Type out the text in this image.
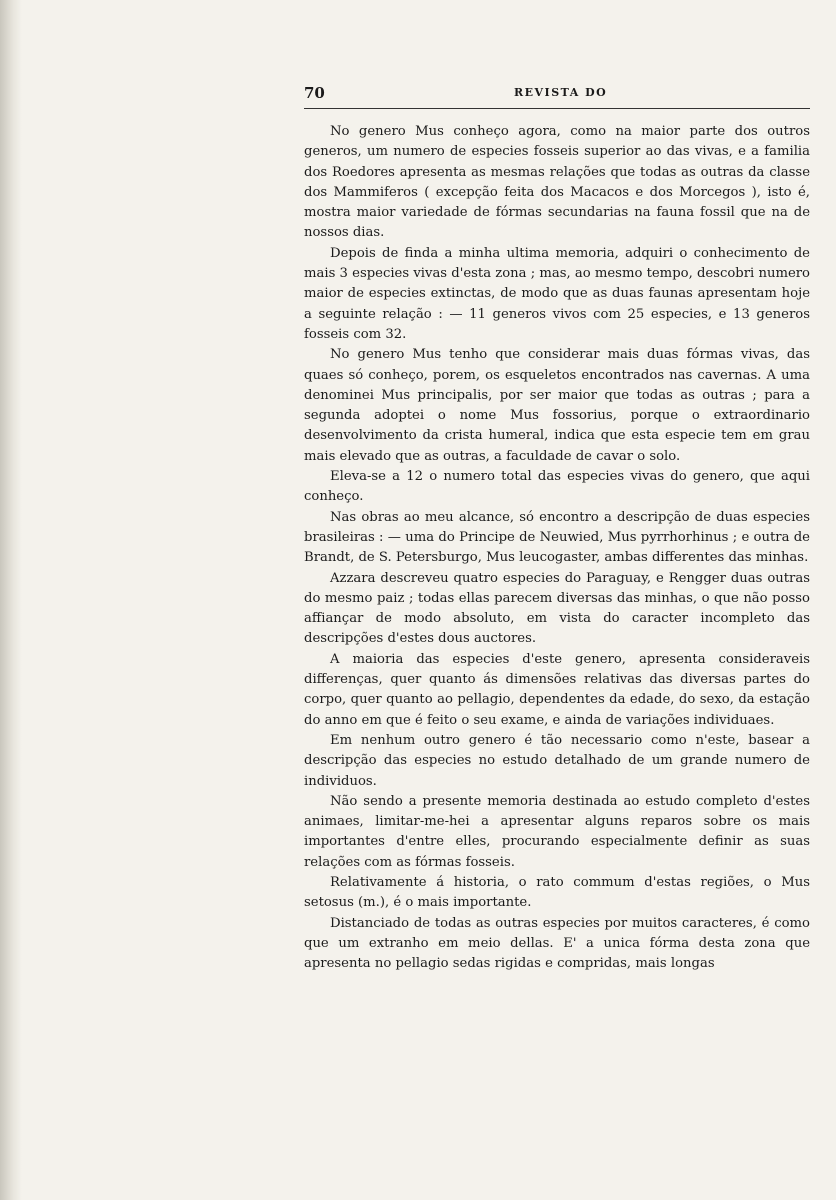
70	REVISTA DO

No genero Mus conheço agora, como na maior parte dos outros generos, um numero de especies fosseis superior ao das vivas, e a familia dos Roedores apresenta as mesmas relações que todas as outras da classe dos Mammiferos ( excepção feita dos Macacos e dos Morcegos ), isto é, mostra maior variedade de fórmas secundarias na fauna fossil que na de nossos dias.

Depois de finda a minha ultima memoria, adquiri o conhecimento de mais 3 especies vivas d'esta zona ; mas, ao mesmo tempo, descobri numero maior de especies extinctas, de modo que as duas faunas apresentam hoje a seguinte relação : — 11 generos vivos com 25 especies, e 13 generos fosseis com 32.

No genero Mus tenho que considerar mais duas fórmas vivas, das quaes só conheço, porem, os esqueletos encontrados nas cavernas. A uma denominei Mus principalis, por ser maior que todas as outras ; para a segunda adoptei o nome Mus fossorius, porque o extraordinario desenvolvimento da crista humeral, indica que esta especie tem em grau mais elevado que as outras, a faculdade de cavar o solo.

Eleva-se a 12 o numero total das especies vivas do genero, que aqui conheço.

Nas obras ao meu alcance, só encontro a descripção de duas especies brasileiras : — uma do Principe de Neuwied, Mus pyrrhorhinus ; e outra de Brandt, de S. Petersburgo, Mus leucogaster, ambas differentes das minhas.

Azzara descreveu quatro especies do Paraguay, e Rengger duas outras do mesmo paiz ; todas ellas parecem diversas das minhas, o que não posso affiançar de modo absoluto, em vista do caracter incompleto das descripções d'estes dous auctores.

A maioria das especies d'este genero, apresenta consideraveis differenças, quer quanto ás dimensões relativas das diversas partes do corpo, quer quanto ao pellagio, dependentes da edade, do sexo, da estação do anno em que é feito o seu exame, e ainda de variações individuaes.

Em nenhum outro genero é tão necessario como n'este, basear a descripção das especies no estudo detalhado de um grande numero de individuos.

Não sendo a presente memoria destinada ao estudo completo d'estes animaes, limitar-me-hei a apresentar alguns reparos sobre os mais importantes d'entre elles, procurando especialmente definir as suas relações com as fórmas fosseis.

Relativamente á historia, o rato commum d'estas regiões, o Mus setosus (m.), é o mais importante.

Distanciado de todas as outras especies por muitos caracteres, é como que um extranho em meio dellas. E' a unica fórma desta zona que apresenta no pellagio sedas rigidas e compridas, mais longas
